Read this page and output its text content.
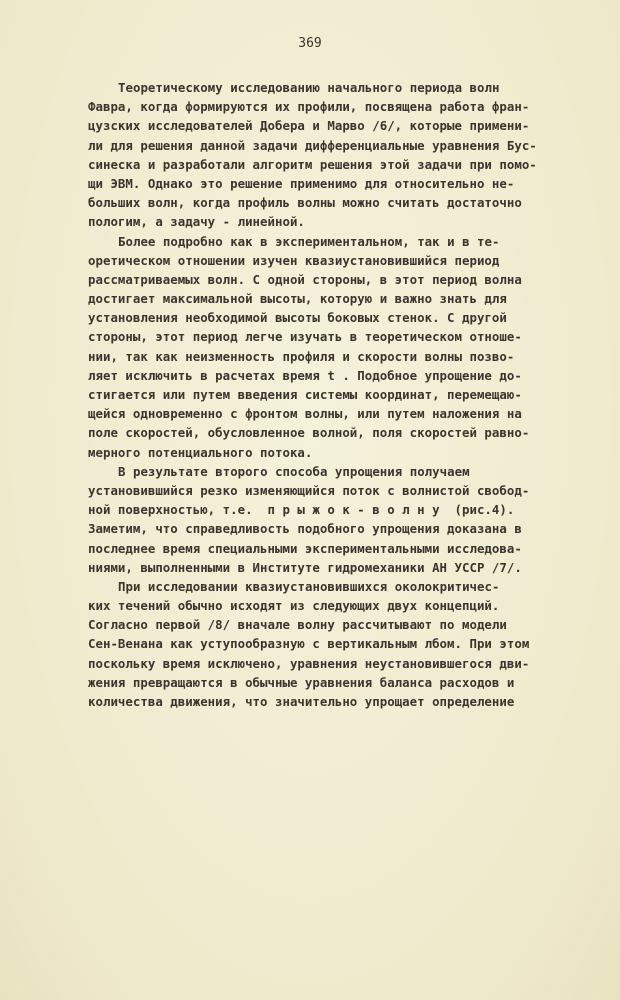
369
Теоретическому исследованию начального периода волн
Фавра, когда формируются их профили, посвящена работа фран-
цузских исследователей Добера и Марво /6/, которые примени-
ли для решения данной задачи дифференциальные уравнения Бус-
синеска и разработали алгоритм решения этой задачи при помо-
щи ЭВМ. Однако это решение применимо для относительно не-
больших волн, когда профиль волны можно считать достаточно
пологим, а задачу - линейной.
Более подробно как в экспериментальном, так и в те-
оретическом отношении изучен квазиустановившийся период
рассматриваемых волн. С одной стороны, в этот период волна
достигает максимальной высоты, которую и важно знать для
установления необходимой высоты боковых стенок. С другой
стороны, этот период легче изучать в теоретическом отноше-
нии, так как неизменность профиля и скорости волны позво-
ляет исключить в расчетах время t . Подобное упрощение до-
стигается или путем введения системы координат, перемещаю-
щейся одновременно с фронтом волны, или путем наложения на
поле скоростей, обусловленное волной, поля скоростей равно-
мерного потенциального потока.
В результате второго способа упрощения получаем
установившийся резко изменяющийся поток с волнистой свобод-
ной поверхностью, т.е.  п р ы ж о к - в о л н у  (рис.4).
Заметим, что справедливость подобного упрощения доказана в
последнее время специальными экспериментальными исследова-
ниями, выполненными в Институте гидромеханики АН УССР /7/.
При исследовании квазиустановившихся околокритичес-
ких течений обычно исходят из следующих двух концепций.
Согласно первой /8/ вначале волну рассчитывают по модели
Сен-Венана как уступообразную с вертикальным лбом. При этом
поскольку время исключено, уравнения неустановившегося дви-
жения превращаются в обычные уравнения баланса расходов и
количества движения, что значительно упрощает определение
